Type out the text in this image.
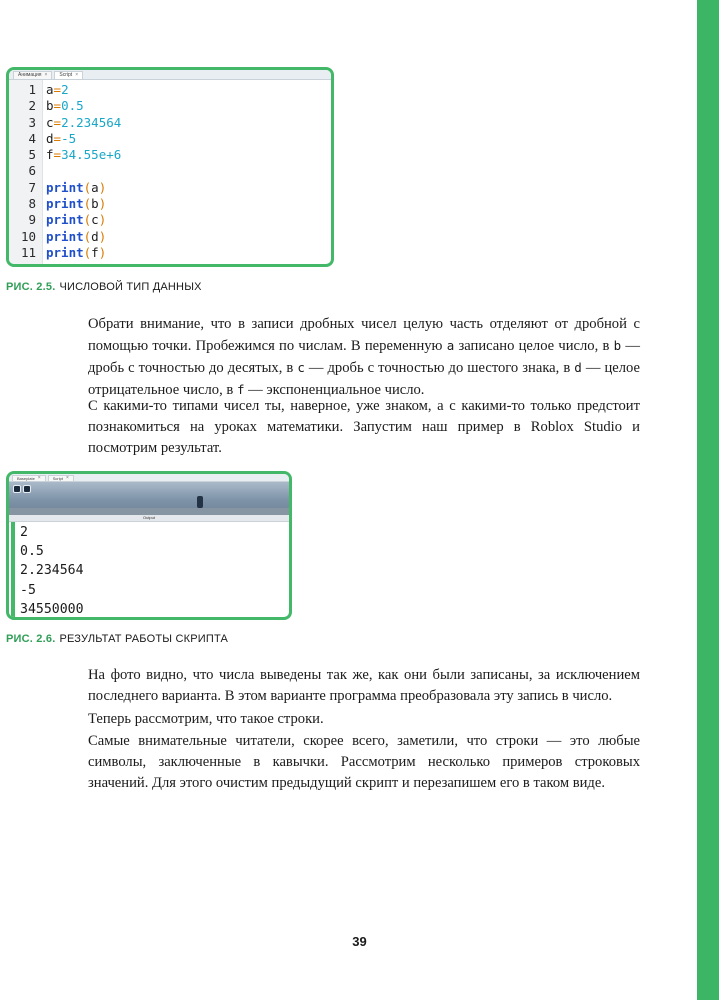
Анимация × Script ×
1
2
3
4
5
6
7
8
9
10
11
a=2
b=0.5
c=2.234564
d=-5
f=34.55e+6
print(a)
print(b)
print(c)
print(d)
print(f)
РИС. 2.5. ЧИСЛОВОЙ ТИП ДАННЫХ

Обрати внимание, что в записи дробных чисел целую часть отделяют от дробной с помощью точки. Пробежимся по числам. В переменную a записано целое число, в b — дробь с точностью до десятых, в c — дробь с точностью до шестого знака, в d — целое отрицательное число, в f — экспоненциальное число.

С какими-то типами чисел ты, наверное, уже знаком, а с какими-то только предстоит познакомиться на уроках математики. Запустим наш пример в Roblox Studio и посмотрим результат.

Baseplate ×	Script ×
Output
2
0.5
2.234564
-5
34550000
РИС. 2.6. РЕЗУЛЬТАТ РАБОТЫ СКРИПТА

На фото видно, что числа выведены так же, как они были записаны, за исключением последнего варианта. В этом варианте программа преобразовала эту запись в число.

Теперь рассмотрим, что такое строки.

Самые внимательные читатели, скорее всего, заметили, что строки — это любые символы, заключенные в кавычки. Рассмотрим несколько примеров строковых значений. Для этого очистим предыдущий скрипт и перезапишем его в таком виде.

39
